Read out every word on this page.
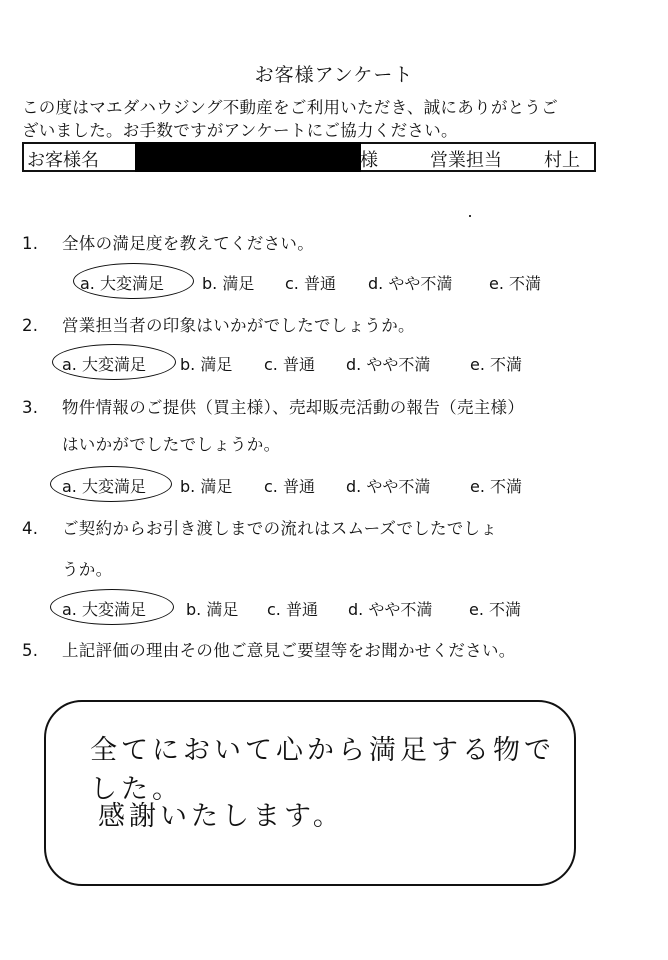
お客様アンケート
この度はマエダハウジング不動産をご利用いただき、誠にありがとうご
ざいました。お手数ですがアンケートにご協力ください。
お客様名	様	営業担当 村上
1. 全体の満足度を教えてください。
a. 大変満足 b. 満足 c. 普通 d. やや不満 e. 不満
2. 営業担当者の印象はいかがでしたでしょうか。
a. 大変満足 b. 満足 c. 普通 d. やや不満 e. 不満
3. 物件情報のご提供（買主様）、売却販売活動の報告（売主様）
はいかがでしたでしょうか。
a. 大変満足 b. 満足 c. 普通 d. やや不満 e. 不満
4. ご契約からお引き渡しまでの流れはスムーズでしたでしょ
うか。
a. 大変満足	b. 満足 c. 普通 d. やや不満 e. 不満
5. 上記評価の理由その他ご意見ご要望等をお聞かせください。
全てにおいて心から満足する物でした。
感謝いたします。
